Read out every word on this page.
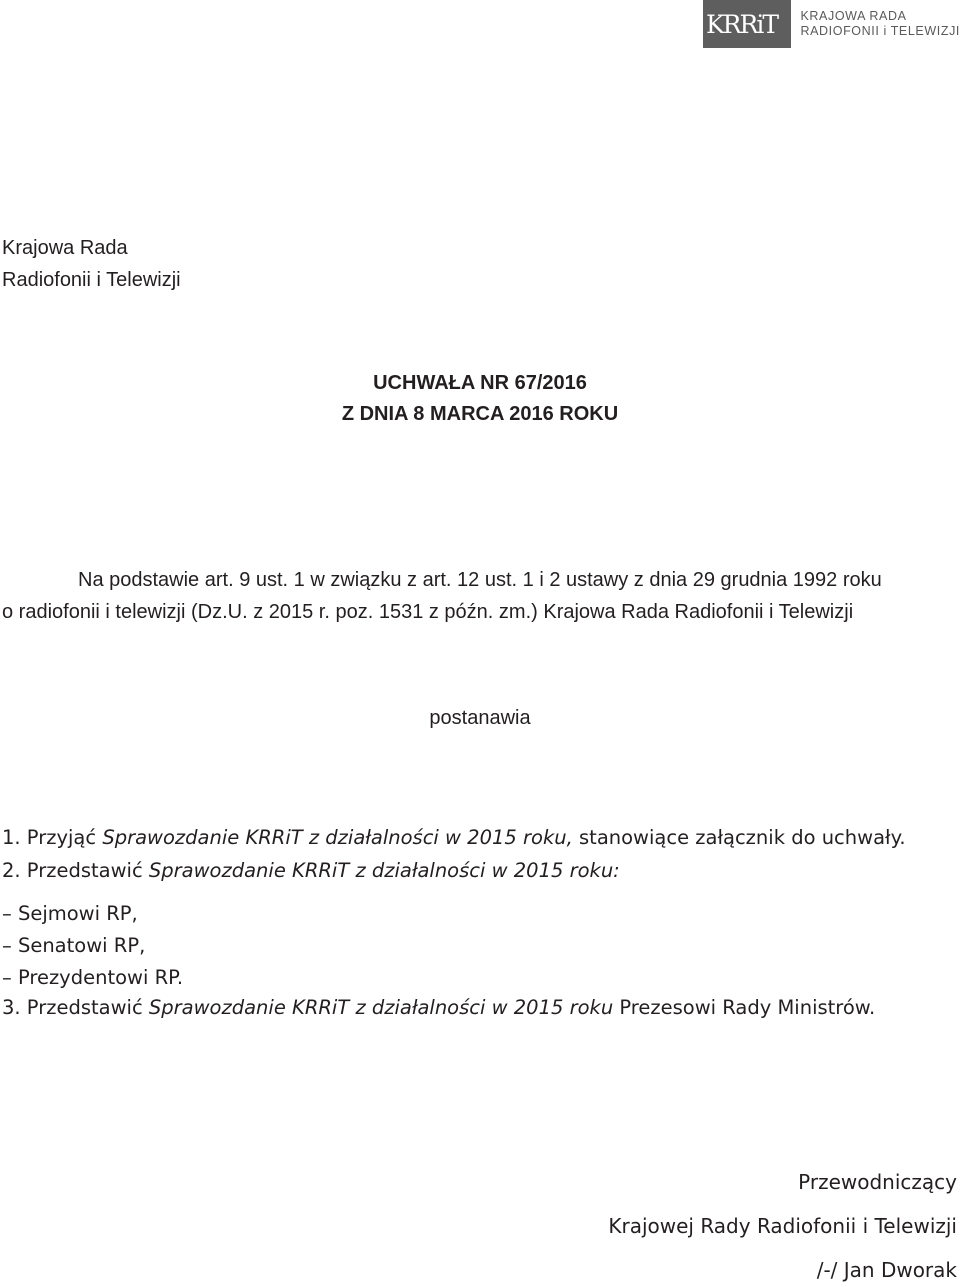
KRRiT KRAJOWA RADA
RADIOFONII i TELEWIZJI
Krajowa Rada
Radiofonii i Telewizji
UCHWAŁA NR 67/2016
Z DNIA 8 MARCA 2016 ROKU
Na podstawie art. 9 ust. 1 w związku z art. 12 ust. 1 i 2 ustawy z dnia 29 grudnia 1992 roku
o radiofonii i telewizji (Dz.U. z 2015 r. poz. 1531 z późn. zm.) Krajowa Rada Radiofonii i Telewizji
postanawia
1. Przyjąć Sprawozdanie KRRiT z działalności w 2015 roku, stanowiące załącznik do uchwały.
2. Przedstawić Sprawozdanie KRRiT z działalności w 2015 roku:
– Sejmowi RP,
– Senatowi RP,
– Prezydentowi RP.
3. Przedstawić Sprawozdanie KRRiT z działalności w 2015 roku Prezesowi Rady Ministrów.
Przewodniczący
Krajowej Rady Radiofonii i Telewizji
/-/ Jan Dworak
